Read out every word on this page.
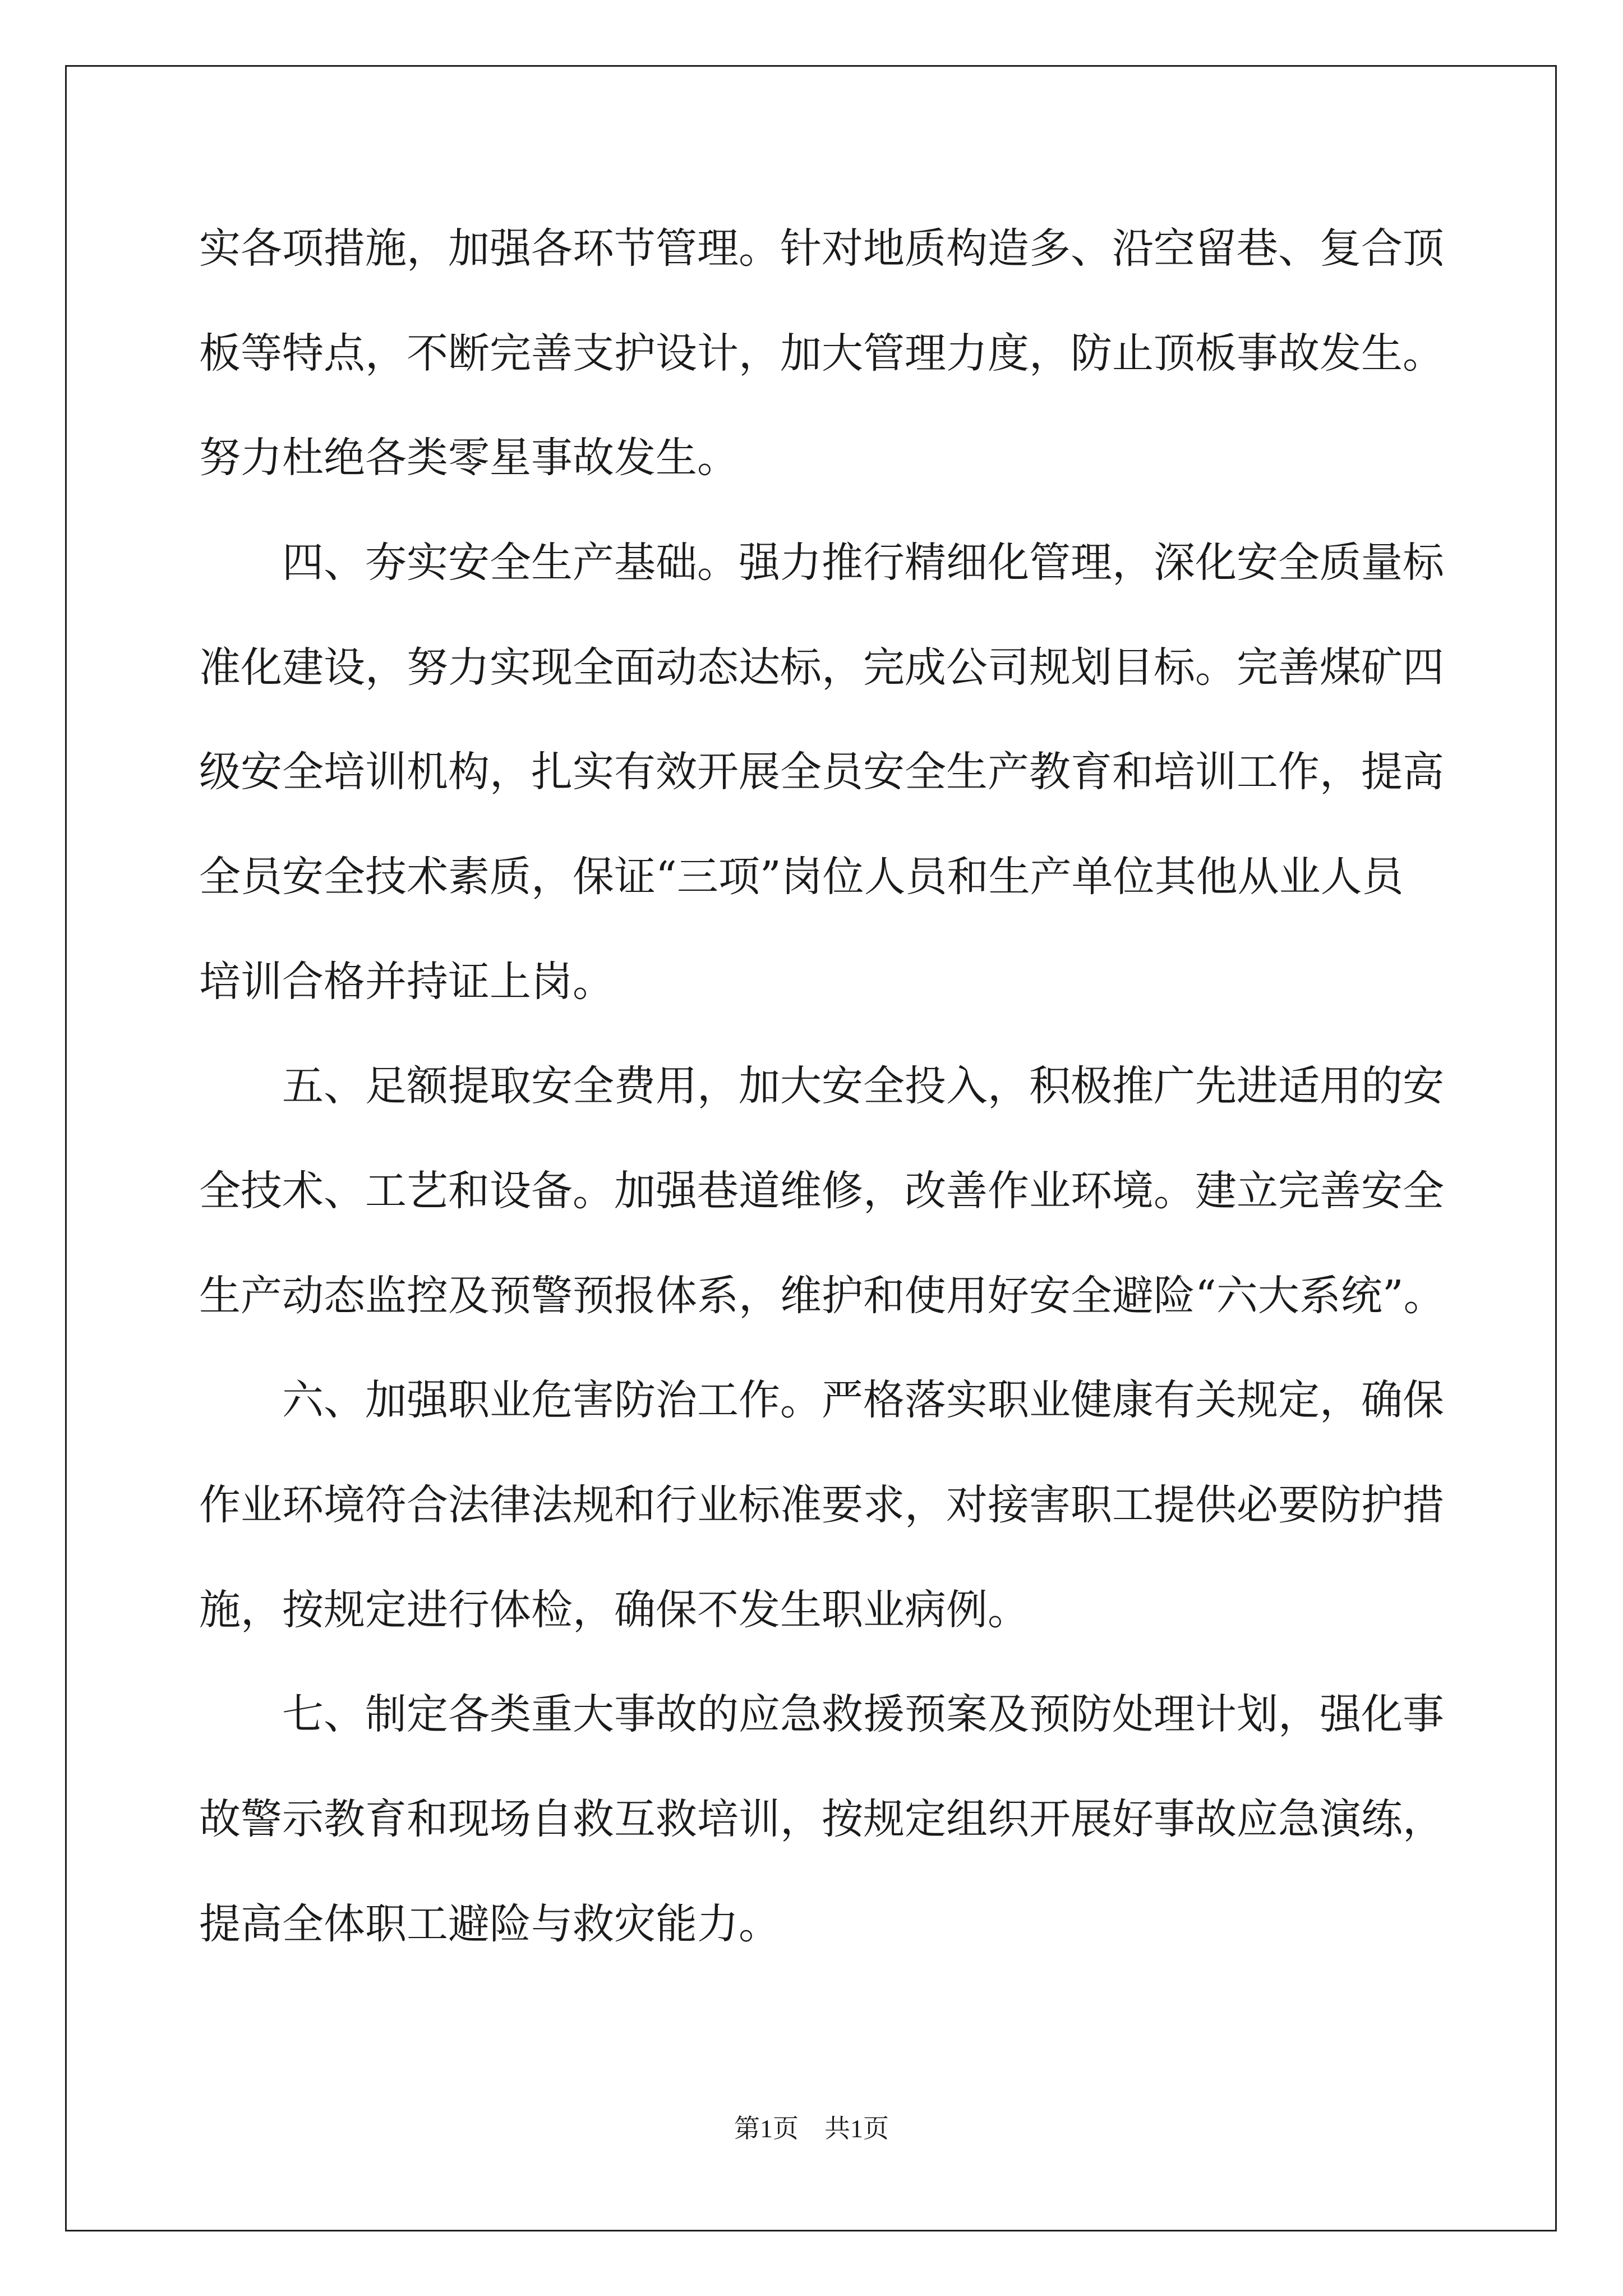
实各项措施，加强各环节管理。针对地质构造多、沿空留巷、复合顶
板等特点，不断完善支护设计，加大管理力度，防止顶板事故发生。
努力杜绝各类零星事故发生。
　　四、夯实安全生产基础。强力推行精细化管理，深化安全质量标
准化建设，努力实现全面动态达标，完成公司规划目标。完善煤矿四
级安全培训机构，扎实有效开展全员安全生产教育和培训工作，提高
全员安全技术素质，保证“三项”岗位人员和生产单位其他从业人员
培训合格并持证上岗。
　　五、足额提取安全费用，加大安全投入，积极推广先进适用的安
全技术、工艺和设备。加强巷道维修，改善作业环境。建立完善安全
生产动态监控及预警预报体系，维护和使用好安全避险“六大系统”。
　　六、加强职业危害防治工作。严格落实职业健康有关规定，确保
作业环境符合法律法规和行业标准要求，对接害职工提供必要防护措
施，按规定进行体检，确保不发生职业病例。
　　七、制定各类重大事故的应急救援预案及预防处理计划，强化事
故警示教育和现场自救互救培训，按规定组织开展好事故应急演练，
提高全体职工避险与救灾能力。
第1页　共1页
